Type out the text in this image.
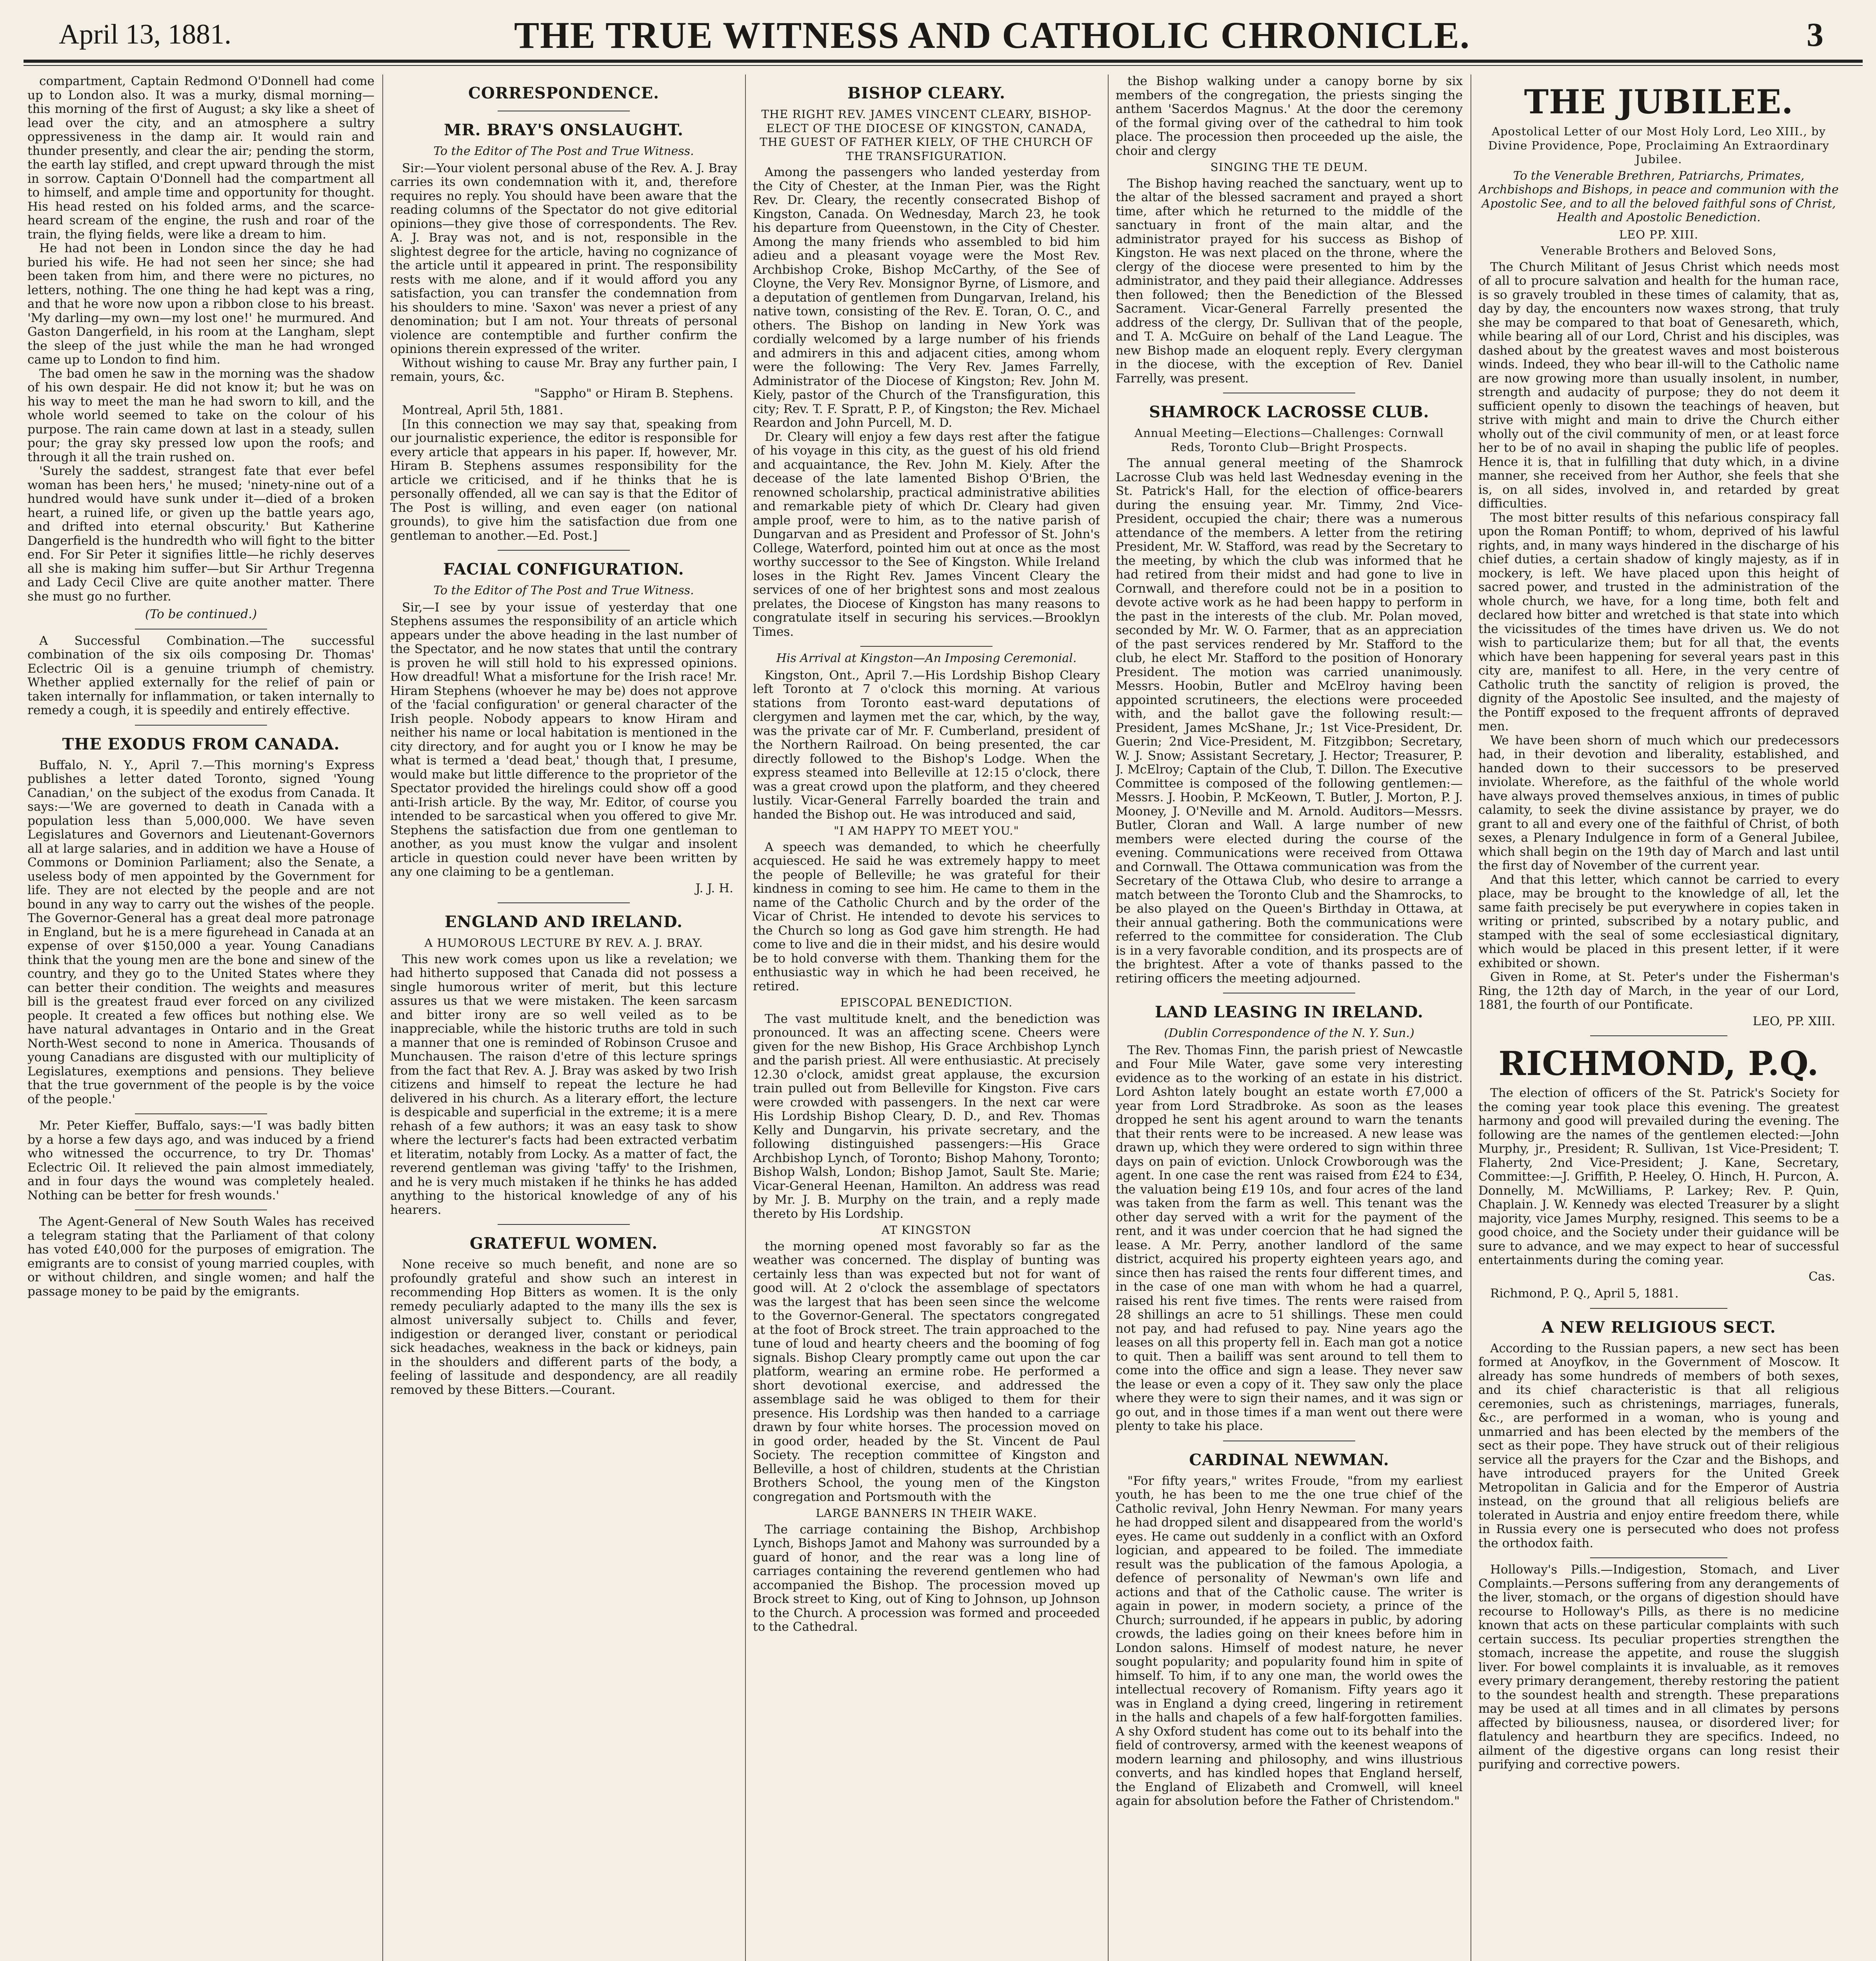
April 13, 1881.	THE TRUE WITNESS AND CATHOLIC CHRONICLE.	3

compartment, Captain Redmond O'Donnell had come up to London also. It was a murky, dismal morning—this morning of the first of August; a sky like a sheet of lead over the city, and an atmosphere a sultry oppressiveness in the damp air. It would rain and thunder presently, and clear the air; pending the storm, the earth lay stifled, and crept upward through the mist in sorrow. Captain O'Donnell had the compartment all to himself, and ample time and opportunity for thought. His head rested on his folded arms, and the scarce-heard scream of the engine, the rush and roar of the train, the flying fields, were like a dream to him.

He had not been in London since the day he had buried his wife. He had not seen her since; she had been taken from him, and there were no pictures, no letters, nothing. The one thing he had kept was a ring, and that he wore now upon a ribbon close to his breast. 'My darling—my own—my lost one!' he murmured. And Gaston Dangerfield, in his room at the Langham, slept the sleep of the just while the man he had wronged came up to London to find him.

The bad omen he saw in the morning was the shadow of his own despair. He did not know it; but he was on his way to meet the man he had sworn to kill, and the whole world seemed to take on the colour of his purpose. The rain came down at last in a steady, sullen pour; the gray sky pressed low upon the roofs; and through it all the train rushed on.

'Surely the saddest, strangest fate that ever befel woman has been hers,' he mused; 'ninety-nine out of a hundred would have sunk under it—died of a broken heart, a ruined life, or given up the battle years ago, and drifted into eternal obscurity.' But Katherine Dangerfield is the hundredth who will fight to the bitter end. For Sir Peter it signifies little—he richly deserves all she is making him suffer—but Sir Arthur Tregenna and Lady Cecil Clive are quite another matter. There she must go no further.

(To be continued.)

A Successful Combination.—The successful combination of the six oils composing Dr. Thomas' Eclectric Oil is a genuine triumph of chemistry. Whether applied externally for the relief of pain or taken internally for inflammation, or taken internally to remedy a cough, it is speedily and entirely effective.

THE EXODUS FROM CANADA.

Buffalo, N. Y., April 7.—This morning's Express publishes a letter dated Toronto, signed 'Young Canadian,' on the subject of the exodus from Canada. It says:—'We are governed to death in Canada with a population less than 5,000,000. We have seven Legislatures and Governors and Lieutenant-Governors all at large salaries, and in addition we have a House of Commons or Dominion Parliament; also the Senate, a useless body of men appointed by the Government for life. They are not elected by the people and are not bound in any way to carry out the wishes of the people. The Governor-General has a great deal more patronage in England, but he is a mere figurehead in Canada at an expense of over $150,000 a year. Young Canadians think that the young men are the bone and sinew of the country, and they go to the United States where they can better their condition. The weights and measures bill is the greatest fraud ever forced on any civilized people. It created a few offices but nothing else. We have natural advantages in Ontario and in the Great North-West second to none in America. Thousands of young Canadians are disgusted with our multiplicity of Legislatures, exemptions and pensions. They believe that the true government of the people is by the voice of the people.'

Mr. Peter Kieffer, Buffalo, says:—'I was badly bitten by a horse a few days ago, and was induced by a friend who witnessed the occurrence, to try Dr. Thomas' Eclectric Oil. It relieved the pain almost immediately, and in four days the wound was completely healed. Nothing can be better for fresh wounds.'

The Agent-General of New South Wales has received a telegram stating that the Parliament of that colony has voted £40,000 for the purposes of emigration. The emigrants are to consist of young married couples, with or without children, and single women; and half the passage money to be paid by the emigrants.

CORRESPONDENCE.

MR. BRAY'S ONSLAUGHT.

To the Editor of The Post and True Witness.

Sir:—Your violent personal abuse of the Rev. A. J. Bray carries its own condemnation with it, and, therefore requires no reply. You should have been aware that the reading columns of the Spectator do not give editorial opinions—they give those of correspondents. The Rev. A. J. Bray was not, and is not, responsible in the slightest degree for the article, having no cognizance of the article until it appeared in print. The responsibility rests with me alone, and if it would afford you any satisfaction, you can transfer the condemnation from his shoulders to mine. 'Saxon' was never a priest of any denomination; but I am not. Your threats of personal violence are contemptible and further confirm the opinions therein expressed of the writer.

Without wishing to cause Mr. Bray any further pain, I remain, yours, &c.

"Sappho" or Hiram B. Stephens.

Montreal, April 5th, 1881.

[In this connection we may say that, speaking from our journalistic experience, the editor is responsible for every article that appears in his paper. If, however, Mr. Hiram B. Stephens assumes responsibility for the article we criticised, and if he thinks that he is personally offended, all we can say is that the Editor of The Post is willing, and even eager (on national grounds), to give him the satisfaction due from one gentleman to another.—Ed. Post.]

FACIAL CONFIGURATION.

To the Editor of The Post and True Witness.

Sir,—I see by your issue of yesterday that one Stephens assumes the responsibility of an article which appears under the above heading in the last number of the Spectator, and he now states that until the contrary is proven he will still hold to his expressed opinions. How dreadful! What a misfortune for the Irish race! Mr. Hiram Stephens (whoever he may be) does not approve of the 'facial configuration' or general character of the Irish people. Nobody appears to know Hiram and neither his name or local habitation is mentioned in the city directory, and for aught you or I know he may be what is termed a 'dead beat,' though that, I presume, would make but little difference to the proprietor of the Spectator provided the hirelings could show off a good anti-Irish article. By the way, Mr. Editor, of course you intended to be sarcastical when you offered to give Mr. Stephens the satisfaction due from one gentleman to another, as you must know the vulgar and insolent article in question could never have been written by any one claiming to be a gentleman.

J. J. H.

ENGLAND AND IRELAND.

A HUMOROUS LECTURE BY REV. A. J. BRAY.

This new work comes upon us like a revelation; we had hitherto supposed that Canada did not possess a single humorous writer of merit, but this lecture assures us that we were mistaken. The keen sarcasm and bitter irony are so well veiled as to be inappreciable, while the historic truths are told in such a manner that one is reminded of Robinson Crusoe and Munchausen. The raison d'etre of this lecture springs from the fact that Rev. A. J. Bray was asked by two Irish citizens and himself to repeat the lecture he had delivered in his church. As a literary effort, the lecture is despicable and superficial in the extreme; it is a mere rehash of a few authors; it was an easy task to show where the lecturer's facts had been extracted verbatim et literatim, notably from Locky. As a matter of fact, the reverend gentleman was giving 'taffy' to the Irishmen, and he is very much mistaken if he thinks he has added anything to the historical knowledge of any of his hearers.

GRATEFUL WOMEN.

None receive so much benefit, and none are so profoundly grateful and show such an interest in recommending Hop Bitters as women. It is the only remedy peculiarly adapted to the many ills the sex is almost universally subject to. Chills and fever, indigestion or deranged liver, constant or periodical sick headaches, weakness in the back or kidneys, pain in the shoulders and different parts of the body, a feeling of lassitude and despondency, are all readily removed by these Bitters.—Courant.

BISHOP CLEARY.

THE RIGHT REV. JAMES VINCENT CLEARY, BISHOP-ELECT OF THE DIOCESE OF KINGSTON, CANADA, THE GUEST OF FATHER KIELY, OF THE CHURCH OF THE TRANSFIGURATION.

Among the passengers who landed yesterday from the City of Chester, at the Inman Pier, was the Right Rev. Dr. Cleary, the recently consecrated Bishop of Kingston, Canada. On Wednesday, March 23, he took his departure from Queenstown, in the City of Chester. Among the many friends who assembled to bid him adieu and a pleasant voyage were the Most Rev. Archbishop Croke, Bishop McCarthy, of the See of Cloyne, the Very Rev. Monsignor Byrne, of Lismore, and a deputation of gentlemen from Dungarvan, Ireland, his native town, consisting of the Rev. E. Toran, O. C., and others. The Bishop on landing in New York was cordially welcomed by a large number of his friends and admirers in this and adjacent cities, among whom were the following: The Very Rev. James Farrelly, Administrator of the Diocese of Kingston; Rev. John M. Kiely, pastor of the Church of the Transfiguration, this city; Rev. T. F. Spratt, P. P., of Kingston; the Rev. Michael Reardon and John Purcell, M. D.

Dr. Cleary will enjoy a few days rest after the fatigue of his voyage in this city, as the guest of his old friend and acquaintance, the Rev. John M. Kiely. After the decease of the late lamented Bishop O'Brien, the renowned scholarship, practical administrative abilities and remarkable piety of which Dr. Cleary had given ample proof, were to him, as to the native parish of Dungarvan and as President and Professor of St. John's College, Waterford, pointed him out at once as the most worthy successor to the See of Kingston. While Ireland loses in the Right Rev. James Vincent Cleary the services of one of her brightest sons and most zealous prelates, the Diocese of Kingston has many reasons to congratulate itself in securing his services.—Brooklyn Times.

His Arrival at Kingston—An Imposing Ceremonial.

Kingston, Ont., April 7.—His Lordship Bishop Cleary left Toronto at 7 o'clock this morning. At various stations from Toronto east-ward deputations of clergymen and laymen met the car, which, by the way, was the private car of Mr. F. Cumberland, president of the Northern Railroad. On being presented, the car directly followed to the Bishop's Lodge. When the express steamed into Belleville at 12:15 o'clock, there was a great crowd upon the platform, and they cheered lustily. Vicar-General Farrelly boarded the train and handed the Bishop out. He was introduced and said,

"I AM HAPPY TO MEET YOU."

A speech was demanded, to which he cheerfully acquiesced. He said he was extremely happy to meet the people of Belleville; he was grateful for their kindness in coming to see him. He came to them in the name of the Catholic Church and by the order of the Vicar of Christ. He intended to devote his services to the Church so long as God gave him strength. He had come to live and die in their midst, and his desire would be to hold converse with them. Thanking them for the enthusiastic way in which he had been received, he retired.

EPISCOPAL BENEDICTION.

The vast multitude knelt, and the benediction was pronounced. It was an affecting scene. Cheers were given for the new Bishop, His Grace Archbishop Lynch and the parish priest. All were enthusiastic. At precisely 12.30 o'clock, amidst great applause, the excursion train pulled out from Belleville for Kingston. Five cars were crowded with passengers. In the next car were His Lordship Bishop Cleary, D. D., and Rev. Thomas Kelly and Dungarvin, his private secretary, and the following distinguished passengers:—His Grace Archbishop Lynch, of Toronto; Bishop Mahony, Toronto; Bishop Walsh, London; Bishop Jamot, Sault Ste. Marie; Vicar-General Heenan, Hamilton. An address was read by Mr. J. B. Murphy on the train, and a reply made thereto by His Lordship.

AT KINGSTON

the morning opened most favorably so far as the weather was concerned. The display of bunting was certainly less than was expected but not for want of good will. At 2 o'clock the assemblage of spectators was the largest that has been seen since the welcome to the Governor-General. The spectators congregated at the foot of Brock street. The train approached to the tune of loud and hearty cheers and the booming of fog signals. Bishop Cleary promptly came out upon the car platform, wearing an ermine robe. He performed a short devotional exercise, and addressed the assemblage said he was obliged to them for their presence. His Lordship was then handed to a carriage drawn by four white horses. The procession moved on in good order, headed by the St. Vincent de Paul Society. The reception committee of Kingston and Belleville, a host of children, students at the Christian Brothers School, the young men of the Kingston congregation and Portsmouth with the

LARGE BANNERS IN THEIR WAKE.

The carriage containing the Bishop, Archbishop Lynch, Bishops Jamot and Mahony was surrounded by a guard of honor, and the rear was a long line of carriages containing the reverend gentlemen who had accompanied the Bishop. The procession moved up Brock street to King, out of King to Johnson, up Johnson to the Church. A procession was formed and proceeded to the Cathedral.

the Bishop walking under a canopy borne by six members of the congregation, the priests singing the anthem 'Sacerdos Magnus.' At the door the ceremony of the formal giving over of the cathedral to him took place. The procession then proceeded up the aisle, the choir and clergy

SINGING THE TE DEUM.

The Bishop having reached the sanctuary, went up to the altar of the blessed sacrament and prayed a short time, after which he returned to the middle of the sanctuary in front of the main altar, and the administrator prayed for his success as Bishop of Kingston. He was next placed on the throne, where the clergy of the diocese were presented to him by the administrator, and they paid their allegiance. Addresses then followed; then the Benediction of the Blessed Sacrament. Vicar-General Farrelly presented the address of the clergy, Dr. Sullivan that of the people, and T. A. McGuire on behalf of the Land League. The new Bishop made an eloquent reply. Every clergyman in the diocese, with the exception of Rev. Daniel Farrelly, was present.

SHAMROCK LACROSSE CLUB.

Annual Meeting—Elections—Challenges: Cornwall Reds, Toronto Club—Bright Prospects.

The annual general meeting of the Shamrock Lacrosse Club was held last Wednesday evening in the St. Patrick's Hall, for the election of office-bearers during the ensuing year. Mr. Timmy, 2nd Vice-President, occupied the chair; there was a numerous attendance of the members. A letter from the retiring President, Mr. W. Stafford, was read by the Secretary to the meeting, by which the club was informed that he had retired from their midst and had gone to live in Cornwall, and therefore could not be in a position to devote active work as he had been happy to perform in the past in the interests of the club. Mr. Polan moved, seconded by Mr. W. O. Farmer, that as an appreciation of the past services rendered by Mr. Stafford to the club, he elect Mr. Stafford to the position of Honorary President. The motion was carried unanimously. Messrs. Hoobin, Butler and McElroy having been appointed scrutineers, the elections were proceeded with, and the ballot gave the following result:—President, James McShane, Jr.; 1st Vice-President, Dr. Guerin; 2nd Vice-President, M. Fitzgibbon; Secretary, W. J. Snow; Assistant Secretary, J. Hector; Treasurer, P. J. McElroy; Captain of the Club, T. Dillon. The Executive Committee is composed of the following gentlemen:—Messrs. J. Hoobin, P. McKeown, T. Butler, J. Morton, P. J. Mooney, J. O'Neville and M. Arnold. Auditors—Messrs. Butler, Cloran and Wall. A large number of new members were elected during the course of the evening. Communications were received from Ottawa and Cornwall. The Ottawa communication was from the Secretary of the Ottawa Club, who desire to arrange a match between the Toronto Club and the Shamrocks, to be also played on the Queen's Birthday in Ottawa, at their annual gathering. Both the communications were referred to the committee for consideration. The Club is in a very favorable condition, and its prospects are of the brightest. After a vote of thanks passed to the retiring officers the meeting adjourned.

LAND LEASING IN IRELAND.

(Dublin Correspondence of the N. Y. Sun.)

The Rev. Thomas Finn, the parish priest of Newcastle and Four Mile Water, gave some very interesting evidence as to the working of an estate in his district. Lord Ashton lately bought an estate worth £7,000 a year from Lord Stradbroke. As soon as the leases dropped he sent his agent around to warn the tenants that their rents were to be increased. A new lease was drawn up, which they were ordered to sign within three days on pain of eviction. Unlock Crowborough was the agent. In one case the rent was raised from £24 to £34, the valuation being £19 10s, and four acres of the land was taken from the farm as well. This tenant was the other day served with a writ for the payment of the rent, and it was under coercion that he had signed the lease. A Mr. Perry, another landlord of the same district, acquired his property eighteen years ago, and since then has raised the rents four different times, and in the case of one man with whom he had a quarrel, raised his rent five times. The rents were raised from 28 shillings an acre to 51 shillings. These men could not pay, and had refused to pay. Nine years ago the leases on all this property fell in. Each man got a notice to quit. Then a bailiff was sent around to tell them to come into the office and sign a lease. They never saw the lease or even a copy of it. They saw only the place where they were to sign their names, and it was sign or go out, and in those times if a man went out there were plenty to take his place.

CARDINAL NEWMAN.

"For fifty years," writes Froude, "from my earliest youth, he has been to me the one true chief of the Catholic revival, John Henry Newman. For many years he had dropped silent and disappeared from the world's eyes. He came out suddenly in a conflict with an Oxford logician, and appeared to be foiled. The immediate result was the publication of the famous Apologia, a defence of personality of Newman's own life and actions and that of the Catholic cause. The writer is again in power, in modern society, a prince of the Church; surrounded, if he appears in public, by adoring crowds, the ladies going on their knees before him in London salons. Himself of modest nature, he never sought popularity; and popularity found him in spite of himself. To him, if to any one man, the world owes the intellectual recovery of Romanism. Fifty years ago it was in England a dying creed, lingering in retirement in the halls and chapels of a few half-forgotten families. A shy Oxford student has come out to its behalf into the field of controversy, armed with the keenest weapons of modern learning and philosophy, and wins illustrious converts, and has kindled hopes that England herself, the England of Elizabeth and Cromwell, will kneel again for absolution before the Father of Christendom."

THE JUBILEE.

Apostolical Letter of our Most Holy Lord, Leo XIII., by Divine Providence, Pope, Proclaiming An Extraordinary Jubilee.

To the Venerable Brethren, Patriarchs, Primates, Archbishops and Bishops, in peace and communion with the Apostolic See, and to all the beloved faithful sons of Christ, Health and Apostolic Benediction.

LEO PP. XIII.

Venerable Brothers and Beloved Sons,

The Church Militant of Jesus Christ which needs most of all to procure salvation and health for the human race, is so gravely troubled in these times of calamity, that as, day by day, the encounters now waxes strong, that truly she may be compared to that boat of Genesareth, which, while bearing all of our Lord, Christ and his disciples, was dashed about by the greatest waves and most boisterous winds. Indeed, they who bear ill-will to the Catholic name are now growing more than usually insolent, in number, strength and audacity of purpose; they do not deem it sufficient openly to disown the teachings of heaven, but strive with might and main to drive the Church either wholly out of the civil community of men, or at least force her to be of no avail in shaping the public life of peoples. Hence it is, that in fulfilling that duty which, in a divine manner, she received from her Author, she feels that she is, on all sides, involved in, and retarded by great difficulties.

The most bitter results of this nefarious conspiracy fall upon the Roman Pontiff; to whom, deprived of his lawful rights, and, in many ways hindered in the discharge of his chief duties, a certain shadow of kingly majesty, as if in mockery, is left. We have placed upon this height of sacred power, and trusted in the administration of the whole church, we have, for a long time, both felt and declared how bitter and wretched is that state into which the vicissitudes of the times have driven us. We do not wish to particularize them; but for all that, the events which have been happening for several years past in this city are, manifest to all. Here, in the very centre of Catholic truth the sanctity of religion is proved, the dignity of the Apostolic See insulted, and the majesty of the Pontiff exposed to the frequent affronts of depraved men.

We have been shorn of much which our predecessors had, in their devotion and liberality, established, and handed down to their successors to be preserved inviolate. Wherefore, as the faithful of the whole world have always proved themselves anxious, in times of public calamity, to seek the divine assistance by prayer, we do grant to all and every one of the faithful of Christ, of both sexes, a Plenary Indulgence in form of a General Jubilee, which shall begin on the 19th day of March and last until the first day of November of the current year.

And that this letter, which cannot be carried to every place, may be brought to the knowledge of all, let the same faith precisely be put everywhere in copies taken in writing or printed, subscribed by a notary public, and stamped with the seal of some ecclesiastical dignitary, which would be placed in this present letter, if it were exhibited or shown.

Given in Rome, at St. Peter's under the Fisherman's Ring, the 12th day of March, in the year of our Lord, 1881, the fourth of our Pontificate.

LEO, PP. XIII.

RICHMOND, P.Q.

The election of officers of the St. Patrick's Society for the coming year took place this evening. The greatest harmony and good will prevailed during the evening. The following are the names of the gentlemen elected:—John Murphy, jr., President; R. Sullivan, 1st Vice-President; T. Flaherty, 2nd Vice-President; J. Kane, Secretary, Committee:—J. Griffith, P. Heeley, O. Hinch, H. Purcon, A. Donnelly, M. McWilliams, P. Larkey; Rev. P. Quin, Chaplain. J. W. Kennedy was elected Treasurer by a slight majority, vice James Murphy, resigned. This seems to be a good choice, and the Society under their guidance will be sure to advance, and we may expect to hear of successful entertainments during the coming year.

Cas.

Richmond, P. Q., April 5, 1881.

A NEW RELIGIOUS SECT.

According to the Russian papers, a new sect has been formed at Anoyfkov, in the Government of Moscow. It already has some hundreds of members of both sexes, and its chief characteristic is that all religious ceremonies, such as christenings, marriages, funerals, &c., are performed in a woman, who is young and unmarried and has been elected by the members of the sect as their pope. They have struck out of their religious service all the prayers for the Czar and the Bishops, and have introduced prayers for the United Greek Metropolitan in Galicia and for the Emperor of Austria instead, on the ground that all religious beliefs are tolerated in Austria and enjoy entire freedom there, while in Russia every one is persecuted who does not profess the orthodox faith.

Holloway's Pills.—Indigestion, Stomach, and Liver Complaints.—Persons suffering from any derangements of the liver, stomach, or the organs of digestion should have recourse to Holloway's Pills, as there is no medicine known that acts on these particular complaints with such certain success. Its peculiar properties strengthen the stomach, increase the appetite, and rouse the sluggish liver. For bowel complaints it is invaluable, as it removes every primary derangement, thereby restoring the patient to the soundest health and strength. These preparations may be used at all times and in all climates by persons affected by biliousness, nausea, or disordered liver; for flatulency and heartburn they are specifics. Indeed, no ailment of the digestive organs can long resist their purifying and corrective powers.
